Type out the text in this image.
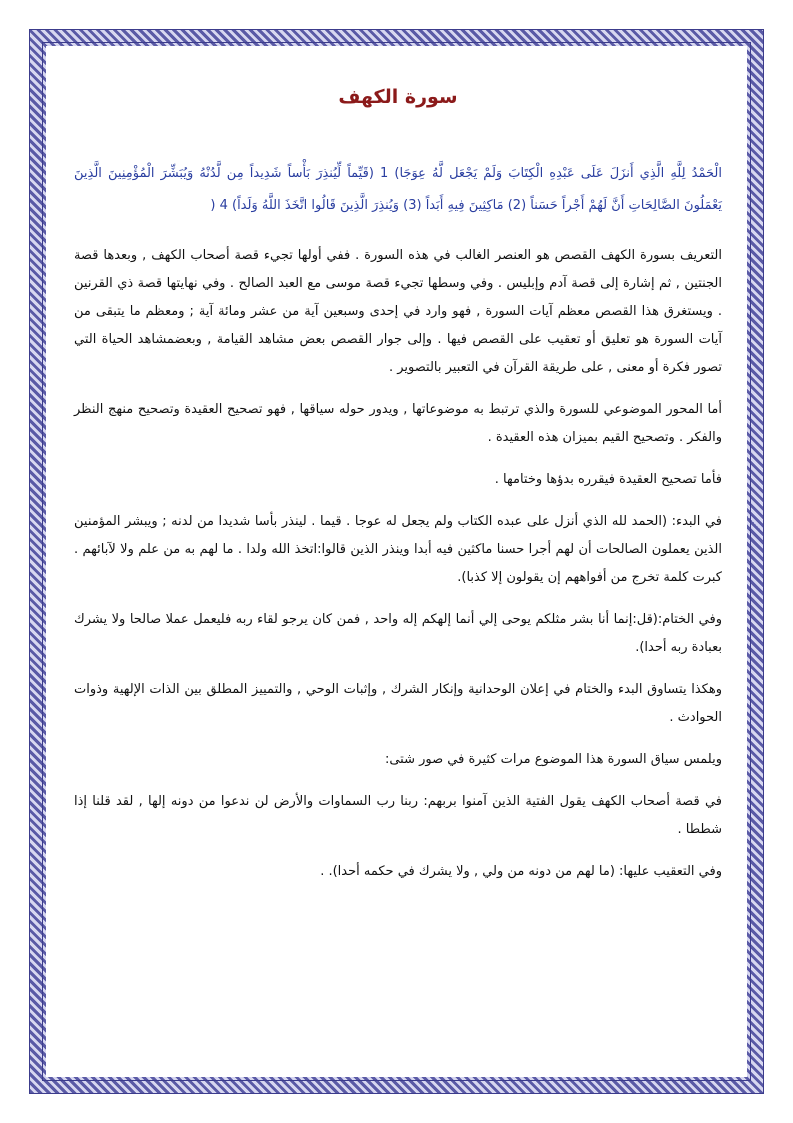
سورة الكهف

الْحَمْدُ لِلَّهِ الَّذِي أَنزَلَ عَلَى عَبْدِهِ الْكِتَابَ وَلَمْ يَجْعَل لَّهُ عِوَجَا) 1 (قَيِّماً لِّيُنذِرَ بَأْساً شَدِيداً مِن لَّدُنْهُ وَيُبَشِّرَ الْمُؤْمِنِينَ الَّذِينَ يَعْمَلُونَ الصَّالِحَاتِ أَنَّ لَهُمْ أَجْراً حَسَناً (2) مَاكِثِينَ فِيهِ أَبَداً (3) وَيُنذِرَ الَّذِينَ قَالُوا اتَّخَذَ اللَّهُ وَلَداً) 4 (

التعريف بسورة الكهف القصص هو العنصر الغالب في هذه السورة . ففي أولها تجيء قصة أصحاب الكهف , وبعدها قصة الجنتين , ثم إشارة إلى قصة آدم وإبليس . وفي وسطها تجيء قصة موسى مع العبد الصالح . وفي نهايتها قصة ذي القرنين . ويستغرق هذا القصص معظم آيات السورة , فهو وارد في إحدى وسبعين آية من عشر ومائة آية ; ومعظم ما يتبقى من آيات السورة هو تعليق أو تعقيب على القصص فيها . وإلى جوار القصص بعض مشاهد القيامة , وبعضمشاهد الحياة التي تصور فكرة أو معنى , على طريقة القرآن في التعبير بالتصوير .

أما المحور الموضوعي للسورة والذي ترتبط به موضوعاتها , ويدور حوله سياقها , فهو تصحيح العقيدة وتصحيح منهج النظر والفكر . وتصحيح القيم بميزان هذه العقيدة .

فأما تصحيح العقيدة فيقرره بدؤها وختامها .

في البدء: (الحمد لله الذي أنزل على عبده الكتاب ولم يجعل له عوجا . قيما . لينذر بأسا شديدا من لدنه ; ويبشر المؤمنين الذين يعملون الصالحات أن لهم أجرا حسنا ماكثين فيه أبدا وينذر الذين قالوا:اتخذ الله ولدا . ما لهم به من علم ولا لآبائهم . كبرت كلمة تخرج من أفواههم إن يقولون إلا كذبا).

وفي الختام:(قل:إنما أنا بشر مثلكم يوحى إلي أنما إلهكم إله واحد , فمن كان يرجو لقاء ربه فليعمل عملا صالحا ولا يشرك بعبادة ربه أحدا).

وهكذا يتساوق البدء والختام في إعلان الوحدانية وإنكار الشرك , وإثبات الوحي , والتمييز المطلق بين الذات الإلهية وذوات الحوادث .

ويلمس سياق السورة هذا الموضوع مرات كثيرة في صور شتى:

في قصة أصحاب الكهف يقول الفتية الذين آمنوا بربهم: ربنا رب السماوات والأرض لن ندعوا من دونه إلها , لقد قلنا إذا شططا .

وفي التعقيب عليها: (ما لهم من دونه من ولي , ولا يشرك في حكمه أحدا). .
